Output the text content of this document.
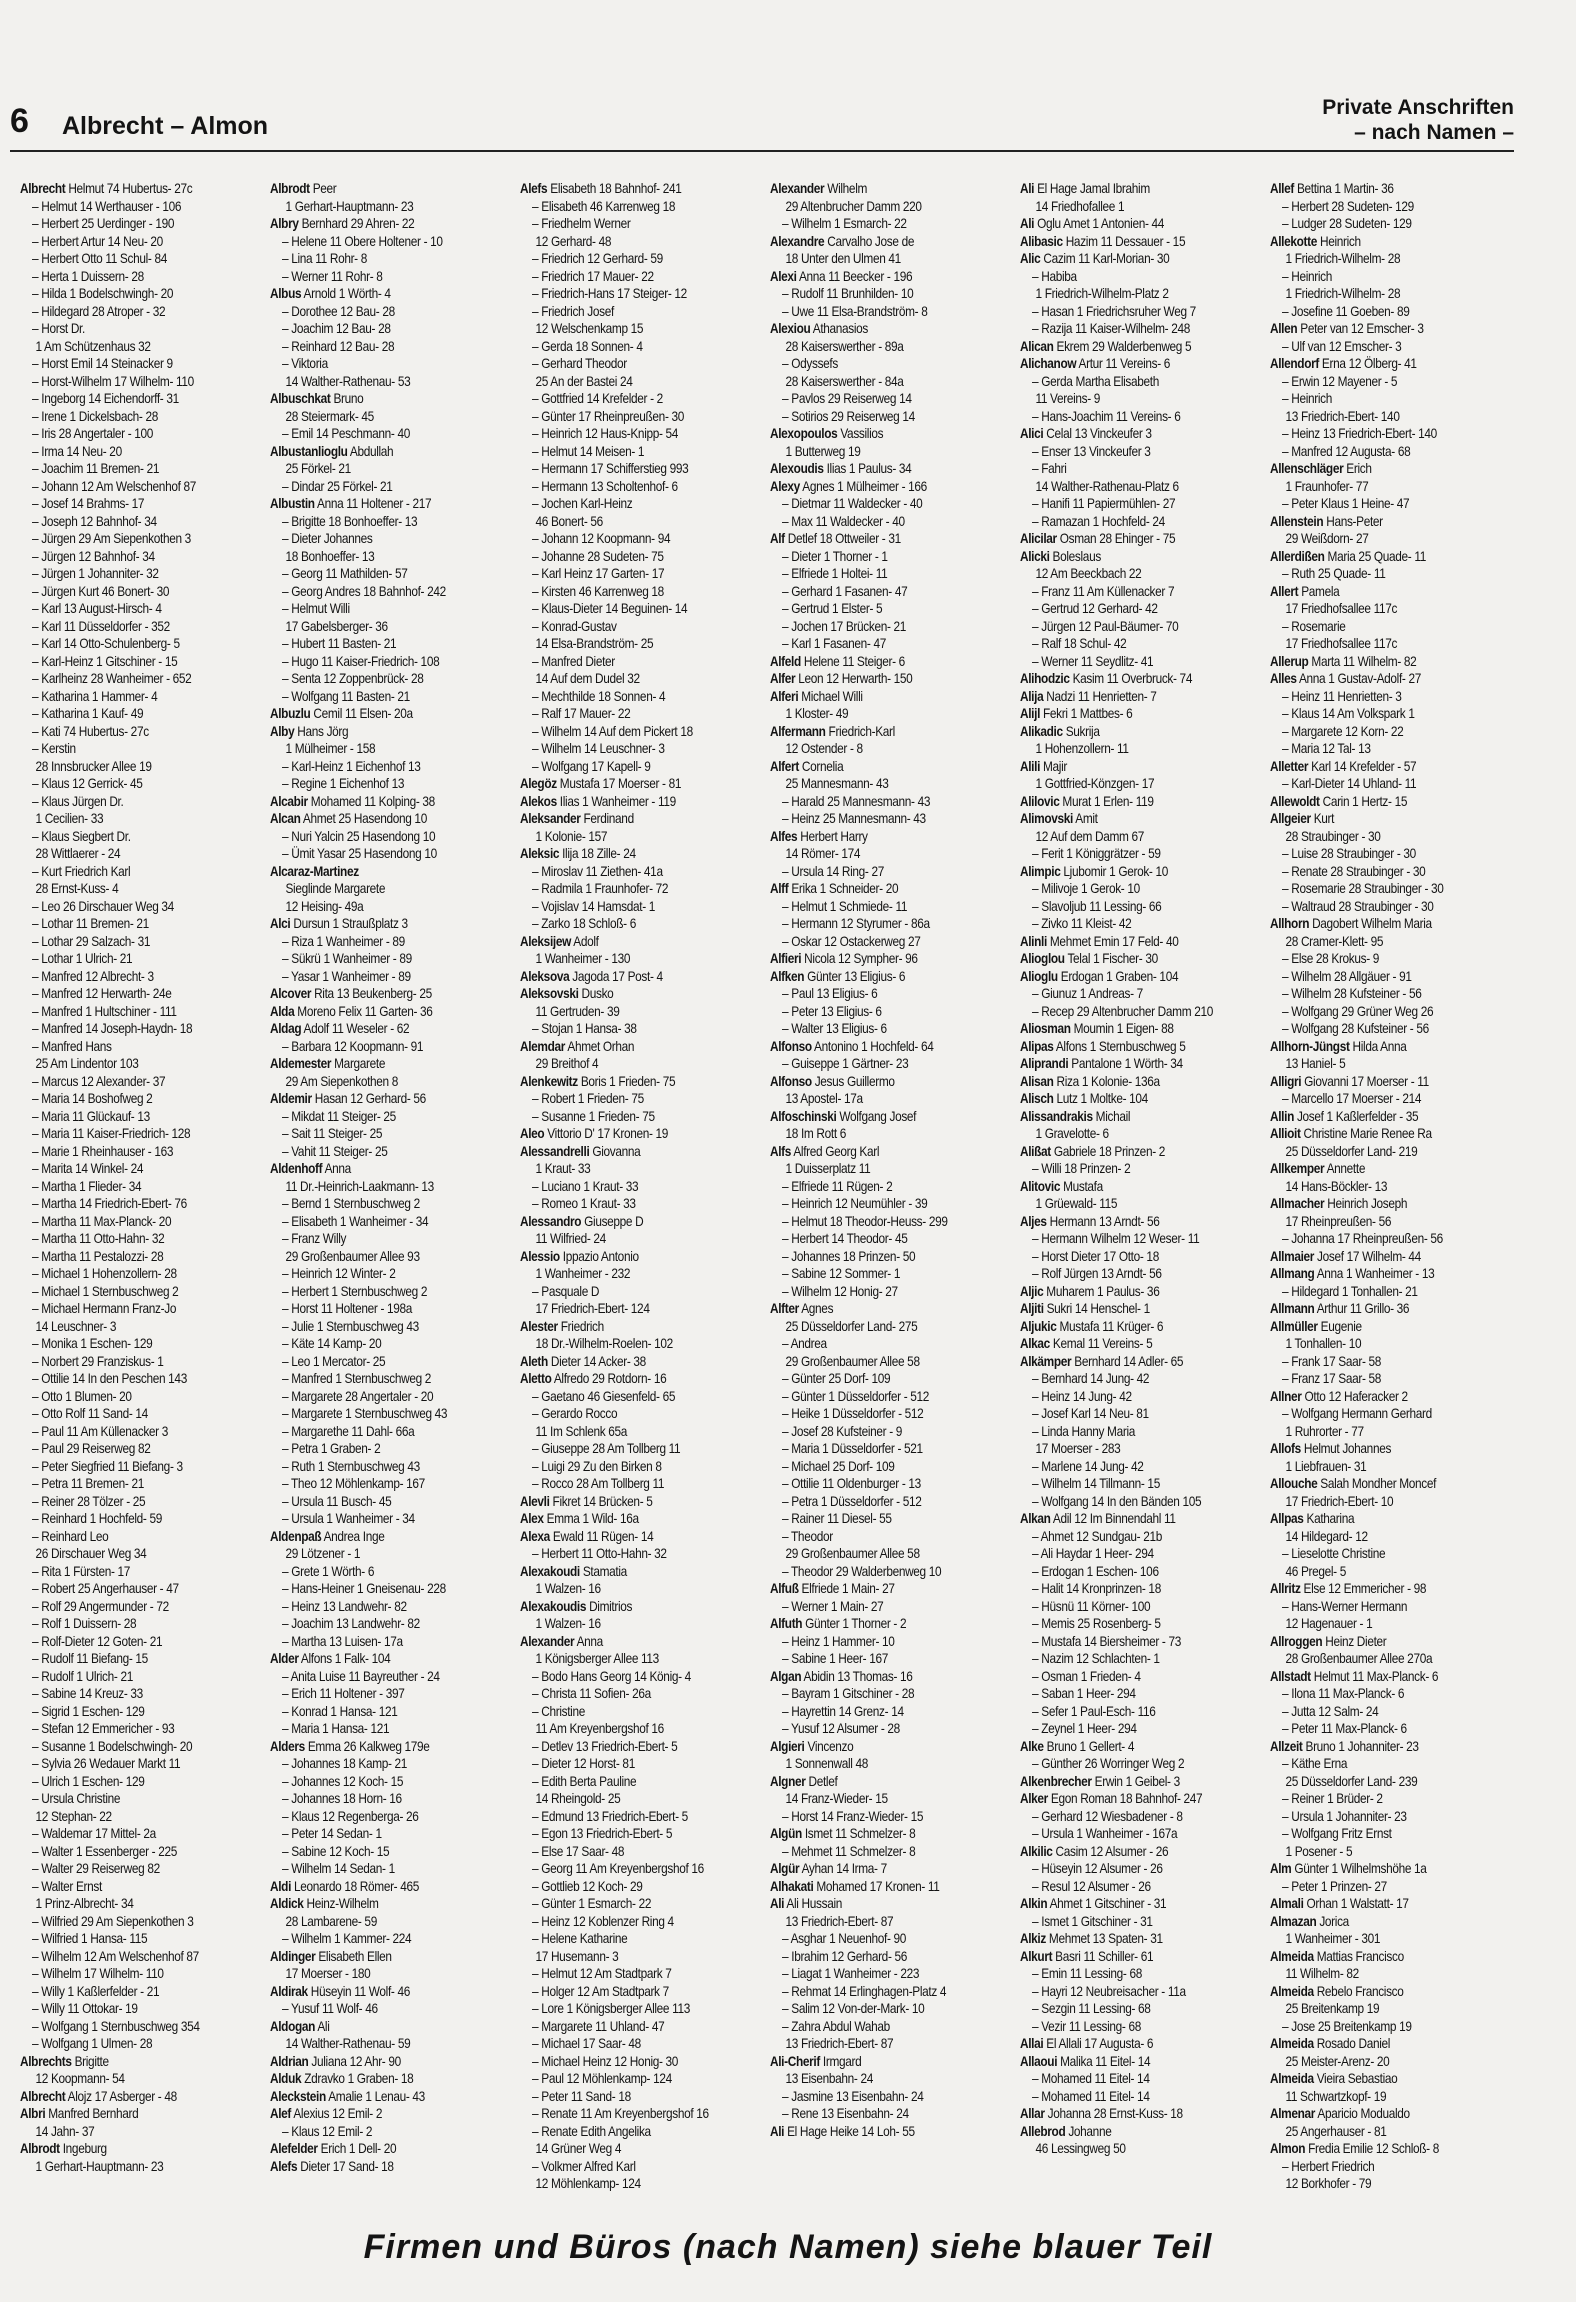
6 Albrecht – Almon
Private Anschriften
– nach Namen –
Albrecht Helmut 74 Hubertus- 27c
– Helmut 14 Werthauser - 106
– Herbert 25 Uerdinger - 190
– Herbert Artur 14 Neu- 20
– Herbert Otto 11 Schul- 84
– Herta 1 Duissern- 28
– Hilda 1 Bodelschwingh- 20
– Hildegard 28 Atroper - 32
– Horst Dr.
1 Am Schützenhaus 32
– Horst Emil 14 Steinacker 9
– Horst-Wilhelm 17 Wilhelm- 110
– Ingeborg 14 Eichendorff- 31
– Irene 1 Dickelsbach- 28
– Iris 28 Angertaler - 100
– Irma 14 Neu- 20
– Joachim 11 Bremen- 21
– Johann 12 Am Welschenhof 87
– Josef 14 Brahms- 17
– Joseph 12 Bahnhof- 34
– Jürgen 29 Am Siepenkothen 3
– Jürgen 12 Bahnhof- 34
– Jürgen 1 Johanniter- 32
– Jürgen Kurt 46 Bonert- 30
– Karl 13 August-Hirsch- 4
– Karl 11 Düsseldorfer - 352
– Karl 14 Otto-Schulenberg- 5
– Karl-Heinz 1 Gitschiner - 15
– Karlheinz 28 Wanheimer - 652
– Katharina 1 Hammer- 4
– Katharina 1 Kauf- 49
– Kati 74 Hubertus- 27c
– Kerstin
28 Innsbrucker Allee 19
– Klaus 12 Gerrick- 45
– Klaus Jürgen Dr.
1 Cecilien- 33
– Klaus Siegbert Dr.
28 Wittlaerer - 24
– Kurt Friedrich Karl
28 Ernst-Kuss- 4
– Leo 26 Dirschauer Weg 34
– Lothar 11 Bremen- 21
– Lothar 29 Salzach- 31
– Lothar 1 Ulrich- 21
– Manfred 12 Albrecht- 3
– Manfred 12 Herwarth- 24e
– Manfred 1 Hultschiner - 111
– Manfred 14 Joseph-Haydn- 18
– Manfred Hans
25 Am Lindentor 103
– Marcus 12 Alexander- 37
– Maria 14 Boshofweg 2
– Maria 11 Glückauf- 13
– Maria 11 Kaiser-Friedrich- 128
– Marie 1 Rheinhauser - 163
– Marita 14 Winkel- 24
– Martha 1 Flieder- 34
– Martha 14 Friedrich-Ebert- 76
– Martha 11 Max-Planck- 20
– Martha 11 Otto-Hahn- 32
– Martha 11 Pestalozzi- 28
– Michael 1 Hohenzollern- 28
– Michael 1 Sternbuschweg 2
– Michael Hermann Franz-Jo
14 Leuschner- 3
– Monika 1 Eschen- 129
– Norbert 29 Franziskus- 1
– Ottilie 14 In den Peschen 143
– Otto 1 Blumen- 20
– Otto Rolf 11 Sand- 14
– Paul 11 Am Küllenacker 3
– Paul 29 Reiserweg 82
– Peter Siegfried 11 Biefang- 3
– Petra 11 Bremen- 21
– Reiner 28 Tölzer - 25
– Reinhard 1 Hochfeld- 59
– Reinhard Leo
26 Dirschauer Weg 34
– Rita 1 Fürsten- 17
– Robert 25 Angerhauser - 47
– Rolf 29 Angermunder - 72
– Rolf 1 Duissern- 28
– Rolf-Dieter 12 Goten- 21
– Rudolf 11 Biefang- 15
– Rudolf 1 Ulrich- 21
– Sabine 14 Kreuz- 33
– Sigrid 1 Eschen- 129
– Stefan 12 Emmericher - 93
– Susanne 1 Bodelschwingh- 20
– Sylvia 26 Wedauer Markt 11
– Ulrich 1 Eschen- 129
– Ursula Christine
12 Stephan- 22
– Waldemar 17 Mittel- 2a
– Walter 1 Essenberger - 225
– Walter 29 Reiserweg 82
– Walter Ernst
1 Prinz-Albrecht- 34
– Wilfried 29 Am Siepenkothen 3
– Wilfried 1 Hansa- 115
– Wilhelm 12 Am Welschenhof 87
– Wilhelm 17 Wilhelm- 110
– Willy 1 Kaßlerfelder - 21
– Willy 11 Ottokar- 19
– Wolfgang 1 Sternbuschweg 354
– Wolfgang 1 Ulmen- 28
Albrechts Brigitte
12 Koopmann- 54
Albrecht Alojz 17 Asberger - 48
Albri Manfred Bernhard
14 Jahn- 37
Albrodt Ingeburg
1 Gerhart-Hauptmann- 23
Albrodt Peer
1 Gerhart-Hauptmann- 23
Albry Bernhard 29 Ahren- 22
– Helene 11 Obere Holtener - 10
– Lina 11 Rohr- 8
– Werner 11 Rohr- 8
Albus Arnold 1 Wörth- 4
– Dorothee 12 Bau- 28
– Joachim 12 Bau- 28
– Reinhard 12 Bau- 28
– Viktoria
14 Walther-Rathenau- 53
Albuschkat Bruno
28 Steiermark- 45
– Emil 14 Peschmann- 40
Albustanlioglu Abdullah
25 Förkel- 21
– Dindar 25 Förkel- 21
Albustin Anna 11 Holtener - 217
– Brigitte 18 Bonhoeffer- 13
– Dieter Johannes
18 Bonhoeffer- 13
– Georg 11 Mathilden- 57
– Georg Andres 18 Bahnhof- 242
– Helmut Willi
17 Gabelsberger- 36
– Hubert 11 Basten- 21
– Hugo 11 Kaiser-Friedrich- 108
– Senta 12 Zoppenbrück- 28
– Wolfgang 11 Basten- 21
Albuzlu Cemil 11 Elsen- 20a
Alby Hans Jörg
1 Mülheimer - 158
– Karl-Heinz 1 Eichenhof 13
– Regine 1 Eichenhof 13
Alcabir Mohamed 11 Kolping- 38
Alcan Ahmet 25 Hasendong 10
– Nuri Yalcin 25 Hasendong 10
– Ümit Yasar 25 Hasendong 10
Alcaraz-Martinez
Sieglinde Margarete
12 Heising- 49a
Alci Dursun 1 Straußplatz 3
– Riza 1 Wanheimer - 89
– Sükrü 1 Wanheimer - 89
– Yasar 1 Wanheimer - 89
Alcover Rita 13 Beukenberg- 25
Alda Moreno Felix 11 Garten- 36
Aldag Adolf 11 Weseler - 62
– Barbara 12 Koopmann- 91
Aldemester Margarete
29 Am Siepenkothen 8
Aldemir Hasan 12 Gerhard- 56
– Mikdat 11 Steiger- 25
– Sait 11 Steiger- 25
– Vahit 11 Steiger- 25
Aldenhoff Anna
11 Dr.-Heinrich-Laakmann- 13
– Bernd 1 Sternbuschweg 2
– Elisabeth 1 Wanheimer - 34
– Franz Willy
29 Großenbaumer Allee 93
– Heinrich 12 Winter- 2
– Herbert 1 Sternbuschweg 2
– Horst 11 Holtener - 198a
– Julie 1 Sternbuschweg 43
– Käte 14 Kamp- 20
– Leo 1 Mercator- 25
– Manfred 1 Sternbuschweg 2
– Margarete 28 Angertaler - 20
– Margarete 1 Sternbuschweg 43
– Margarethe 11 Dahl- 66a
– Petra 1 Graben- 2
– Ruth 1 Sternbuschweg 43
– Theo 12 Möhlenkamp- 167
– Ursula 11 Busch- 45
– Ursula 1 Wanheimer - 34
Aldenpaß Andrea Inge
29 Lötzener - 1
– Grete 1 Wörth- 6
– Hans-Heiner 1 Gneisenau- 228
– Heinz 13 Landwehr- 82
– Joachim 13 Landwehr- 82
– Martha 13 Luisen- 17a
Alder Alfons 1 Falk- 104
– Anita Luise 11 Bayreuther - 24
– Erich 11 Holtener - 397
– Konrad 1 Hansa- 121
– Maria 1 Hansa- 121
Alders Emma 26 Kalkweg 179e
– Johannes 18 Kamp- 21
– Johannes 12 Koch- 15
– Johannes 18 Horn- 16
– Klaus 12 Regenberga- 26
– Peter 14 Sedan- 1
– Sabine 12 Koch- 15
– Wilhelm 14 Sedan- 1
Aldi Leonardo 18 Römer- 465
Aldick Heinz-Wilhelm
28 Lambarene- 59
– Wilhelm 1 Kammer- 224
Aldinger Elisabeth Ellen
17 Moerser - 180
Aldirak Hüseyin 11 Wolf- 46
– Yusuf 11 Wolf- 46
Aldogan Ali
14 Walther-Rathenau- 59
Aldrian Juliana 12 Ahr- 90
Alduk Zdravko 1 Graben- 18
Aleckstein Amalie 1 Lenau- 43
Alef Alexius 12 Emil- 2
– Klaus 12 Emil- 2
Alefelder Erich 1 Dell- 20
Alefs Dieter 17 Sand- 18
Alefs Elisabeth 18 Bahnhof- 241
– Elisabeth 46 Karrenweg 18
– Friedhelm Werner
12 Gerhard- 48
– Friedrich 12 Gerhard- 59
– Friedrich 17 Mauer- 22
– Friedrich-Hans 17 Steiger- 12
– Friedrich Josef
12 Welschenkamp 15
– Gerda 18 Sonnen- 4
– Gerhard Theodor
25 An der Bastei 24
– Gottfried 14 Krefelder - 2
– Günter 17 Rheinpreußen- 30
– Heinrich 12 Haus-Knipp- 54
– Helmut 14 Meisen- 1
– Hermann 17 Schifferstieg 993
– Hermann 13 Scholtenhof- 6
– Jochen Karl-Heinz
46 Bonert- 56
– Johann 12 Koopmann- 94
– Johanne 28 Sudeten- 75
– Karl Heinz 17 Garten- 17
– Kirsten 46 Karrenweg 18
– Klaus-Dieter 14 Beguinen- 14
– Konrad-Gustav
14 Elsa-Brandström- 25
– Manfred Dieter
14 Auf dem Dudel 32
– Mechthilde 18 Sonnen- 4
– Ralf 17 Mauer- 22
– Wilhelm 14 Auf dem Pickert 18
– Wilhelm 14 Leuschner- 3
– Wolfgang 17 Kapell- 9
Alegöz Mustafa 17 Moerser - 81
Alekos Ilias 1 Wanheimer - 119
Aleksander Ferdinand
1 Kolonie- 157
Aleksic Ilija 18 Zille- 24
– Miroslav 11 Ziethen- 41a
– Radmila 1 Fraunhofer- 72
– Vojislav 14 Hamsdat- 1
– Zarko 18 Schloß- 6
Aleksijew Adolf
1 Wanheimer - 130
Aleksova Jagoda 17 Post- 4
Aleksovski Dusko
11 Gertruden- 39
– Stojan 1 Hansa- 38
Alemdar Ahmet Orhan
29 Breithof 4
Alenkewitz Boris 1 Frieden- 75
– Robert 1 Frieden- 75
– Susanne 1 Frieden- 75
Aleo Vittorio D' 17 Kronen- 19
Alessandrelli Giovanna
1 Kraut- 33
– Luciano 1 Kraut- 33
– Romeo 1 Kraut- 33
Alessandro Giuseppe D
11 Wilfried- 24
Alessio Ippazio Antonio
1 Wanheimer - 232
– Pasquale D
17 Friedrich-Ebert- 124
Alester Friedrich
18 Dr.-Wilhelm-Roelen- 102
Aleth Dieter 14 Acker- 38
Aletto Alfredo 29 Rotdorn- 16
– Gaetano 46 Giesenfeld- 65
– Gerardo Rocco
11 Im Schlenk 65a
– Giuseppe 28 Am Tollberg 11
– Luigi 29 Zu den Birken 8
– Rocco 28 Am Tollberg 11
Alevli Fikret 14 Brücken- 5
Alex Emma 1 Wild- 16a
Alexa Ewald 11 Rügen- 14
– Herbert 11 Otto-Hahn- 32
Alexakoudi Stamatia
1 Walzen- 16
Alexakoudis Dimitrios
1 Walzen- 16
Alexander Anna
1 Königsberger Allee 113
– Bodo Hans Georg 14 König- 4
– Christa 11 Sofien- 26a
– Christine
11 Am Kreyenbergshof 16
– Detlev 13 Friedrich-Ebert- 5
– Dieter 12 Horst- 81
– Edith Berta Pauline
14 Rheingold- 25
– Edmund 13 Friedrich-Ebert- 5
– Egon 13 Friedrich-Ebert- 5
– Else 17 Saar- 48
– Georg 11 Am Kreyenbergshof 16
– Gottlieb 12 Koch- 29
– Günter 1 Esmarch- 22
– Heinz 12 Koblenzer Ring 4
– Helene Katharine
17 Husemann- 3
– Helmut 12 Am Stadtpark 7
– Holger 12 Am Stadtpark 7
– Lore 1 Königsberger Allee 113
– Margarete 11 Uhland- 47
– Michael 17 Saar- 48
– Michael Heinz 12 Honig- 30
– Paul 12 Möhlenkamp- 124
– Peter 11 Sand- 18
– Renate 11 Am Kreyenbergshof 16
– Renate Edith Angelika
14 Grüner Weg 4
– Volkmer Alfred Karl
12 Möhlenkamp- 124
Alexander Wilhelm
29 Altenbrucher Damm 220
– Wilhelm 1 Esmarch- 22
Alexandre Carvalho Jose de
18 Unter den Ulmen 41
Alexi Anna 11 Beecker - 196
– Rudolf 11 Brunhilden- 10
– Uwe 11 Elsa-Brandström- 8
Alexiou Athanasios
28 Kaiserswerther - 89a
– Odyssefs
28 Kaiserswerther - 84a
– Pavlos 29 Reiserweg 14
– Sotirios 29 Reiserweg 14
Alexopoulos Vassilios
1 Butterweg 19
Alexoudis Ilias 1 Paulus- 34
Alexy Agnes 1 Mülheimer - 166
– Dietmar 11 Waldecker - 40
– Max 11 Waldecker - 40
Alf Detlef 18 Ottweiler - 31
– Dieter 1 Thorner - 1
– Elfriede 1 Holtei- 11
– Gerhard 1 Fasanen- 47
– Gertrud 1 Elster- 5
– Jochen 17 Brücken- 21
– Karl 1 Fasanen- 47
Alfeld Helene 11 Steiger- 6
Alfer Leon 12 Herwarth- 150
Alferi Michael Willi
1 Kloster- 49
Alfermann Friedrich-Karl
12 Ostender - 8
Alfert Cornelia
25 Mannesmann- 43
– Harald 25 Mannesmann- 43
– Heinz 25 Mannesmann- 43
Alfes Herbert Harry
14 Römer- 174
– Ursula 14 Ring- 27
Alff Erika 1 Schneider- 20
– Helmut 1 Schmiede- 11
– Hermann 12 Styrumer - 86a
– Oskar 12 Ostackerweg 27
Alfieri Nicola 12 Sympher- 96
Alfken Günter 13 Eligius- 6
– Paul 13 Eligius- 6
– Peter 13 Eligius- 6
– Walter 13 Eligius- 6
Alfonso Antonino 1 Hochfeld- 64
– Guiseppe 1 Gärtner- 23
Alfonso Jesus Guillermo
13 Apostel- 17a
Alfoschinski Wolfgang Josef
18 Im Rott 6
Alfs Alfred Georg Karl
1 Duisserplatz 11
– Elfriede 11 Rügen- 2
– Heinrich 12 Neumühler - 39
– Helmut 18 Theodor-Heuss- 299
– Herbert 14 Theodor- 45
– Johannes 18 Prinzen- 50
– Sabine 12 Sommer- 1
– Wilhelm 12 Honig- 27
Alfter Agnes
25 Düsseldorfer Land- 275
– Andrea
29 Großenbaumer Allee 58
– Günter 25 Dorf- 109
– Günter 1 Düsseldorfer - 512
– Heike 1 Düsseldorfer - 512
– Josef 28 Kufsteiner - 9
– Maria 1 Düsseldorfer - 521
– Michael 25 Dorf- 109
– Ottilie 11 Oldenburger - 13
– Petra 1 Düsseldorfer - 512
– Rainer 11 Diesel- 55
– Theodor
29 Großenbaumer Allee 58
– Theodor 29 Walderbenweg 10
Alfuß Elfriede 1 Main- 27
– Werner 1 Main- 27
Alfuth Günter 1 Thorner - 2
– Heinz 1 Hammer- 10
– Sabine 1 Heer- 167
Algan Abidin 13 Thomas- 16
– Bayram 1 Gitschiner - 28
– Hayrettin 14 Grenz- 14
– Yusuf 12 Alsumer - 28
Algieri Vincenzo
1 Sonnenwall 48
Algner Detlef
14 Franz-Wieder- 15
– Horst 14 Franz-Wieder- 15
Algün Ismet 11 Schmelzer- 8
– Mehmet 11 Schmelzer- 8
Algür Ayhan 14 Irma- 7
Alhakati Mohamed 17 Kronen- 11
Ali Ali Hussain
13 Friedrich-Ebert- 87
– Asghar 1 Neuenhof- 90
– Ibrahim 12 Gerhard- 56
– Liagat 1 Wanheimer - 223
– Rehmat 14 Erlinghagen-Platz 4
– Salim 12 Von-der-Mark- 10
– Zahra Abdul Wahab
13 Friedrich-Ebert- 87
Ali-Cherif Irmgard
13 Eisenbahn- 24
– Jasmine 13 Eisenbahn- 24
– Rene 13 Eisenbahn- 24
Ali El Hage Heike 14 Loh- 55
Ali El Hage Jamal Ibrahim
14 Friedhofallee 1
Ali Oglu Amet 1 Antonien- 44
Alibasic Hazim 11 Dessauer - 15
Alic Cazim 11 Karl-Morian- 30
– Habiba
1 Friedrich-Wilhelm-Platz 2
– Hasan 1 Friedrichsruher Weg 7
– Razija 11 Kaiser-Wilhelm- 248
Alican Ekrem 29 Walderbenweg 5
Alichanow Artur 11 Vereins- 6
– Gerda Martha Elisabeth
11 Vereins- 9
– Hans-Joachim 11 Vereins- 6
Alici Celal 13 Vinckeufer 3
– Enser 13 Vinckeufer 3
– Fahri
14 Walther-Rathenau-Platz 6
– Hanifi 11 Papiermühlen- 27
– Ramazan 1 Hochfeld- 24
Alicilar Osman 28 Ehinger - 75
Alicki Boleslaus
12 Am Beeckbach 22
– Franz 11 Am Küllenacker 7
– Gertrud 12 Gerhard- 42
– Jürgen 12 Paul-Bäumer- 70
– Ralf 18 Schul- 42
– Werner 11 Seydlitz- 41
Alihodzic Kasim 11 Overbruck- 74
Alija Nadzi 11 Henrietten- 7
Alijl Fekri 1 Mattbes- 6
Alikadic Sukrija
1 Hohenzollern- 11
Alili Majir
1 Gottfried-Könzgen- 17
Alilovic Murat 1 Erlen- 119
Alimovski Amit
12 Auf dem Damm 67
– Ferit 1 Königgrätzer - 59
Alimpic Ljubomir 1 Gerok- 10
– Milivoje 1 Gerok- 10
– Slavoljub 11 Lessing- 66
– Zivko 11 Kleist- 42
Alinli Mehmet Emin 17 Feld- 40
Alioglou Telal 1 Fischer- 30
Alioglu Erdogan 1 Graben- 104
– Giunuz 1 Andreas- 7
– Recep 29 Altenbrucher Damm 210
Aliosman Moumin 1 Eigen- 88
Alipas Alfons 1 Sternbuschweg 5
Aliprandi Pantalone 1 Wörth- 34
Alisan Riza 1 Kolonie- 136a
Alisch Lutz 1 Moltke- 104
Alissandrakis Michail
1 Gravelotte- 6
Alißat Gabriele 18 Prinzen- 2
– Willi 18 Prinzen- 2
Alitovic Mustafa
1 Grüewald- 115
Aljes Hermann 13 Arndt- 56
– Hermann Wilhelm 12 Weser- 11
– Horst Dieter 17 Otto- 18
– Rolf Jürgen 13 Arndt- 56
Aljic Muharem 1 Paulus- 36
Aljiti Sukri 14 Henschel- 1
Aljukic Mustafa 11 Krüger- 6
Alkac Kemal 11 Vereins- 5
Alkämper Bernhard 14 Adler- 65
– Bernhard 14 Jung- 42
– Heinz 14 Jung- 42
– Josef Karl 14 Neu- 81
– Linda Hanny Maria
17 Moerser - 283
– Marlene 14 Jung- 42
– Wilhelm 14 Tillmann- 15
– Wolfgang 14 In den Bänden 105
Alkan Adil 12 Im Binnendahl 11
– Ahmet 12 Sundgau- 21b
– Ali Haydar 1 Heer- 294
– Erdogan 1 Eschen- 106
– Halit 14 Kronprinzen- 18
– Hüsnü 11 Körner- 100
– Memis 25 Rosenberg- 5
– Mustafa 14 Biersheimer - 73
– Nazim 12 Schlachten- 1
– Osman 1 Frieden- 4
– Saban 1 Heer- 294
– Sefer 1 Paul-Esch- 116
– Zeynel 1 Heer- 294
Alke Bruno 1 Gellert- 4
– Günther 26 Worringer Weg 2
Alkenbrecher Erwin 1 Geibel- 3
Alker Egon Roman 18 Bahnhof- 247
– Gerhard 12 Wiesbadener - 8
– Ursula 1 Wanheimer - 167a
Alkilic Casim 12 Alsumer - 26
– Hüseyin 12 Alsumer - 26
– Resul 12 Alsumer - 26
Alkin Ahmet 1 Gitschiner - 31
– Ismet 1 Gitschiner - 31
Alkiz Mehmet 13 Spaten- 31
Alkurt Basri 11 Schiller- 61
– Emin 11 Lessing- 68
– Hayri 12 Neubreisacher - 11a
– Sezgin 11 Lessing- 68
– Vezir 11 Lessing- 68
Allai El Allali 17 Augusta- 6
Allaoui Malika 11 Eitel- 14
– Mohamed 11 Eitel- 14
– Mohamed 11 Eitel- 14
Allar Johanna 28 Ernst-Kuss- 18
Allebrod Johanne
46 Lessingweg 50
Allef Bettina 1 Martin- 36
– Herbert 28 Sudeten- 129
– Ludger 28 Sudeten- 129
Allekotte Heinrich
1 Friedrich-Wilhelm- 28
– Heinrich
1 Friedrich-Wilhelm- 28
– Josefine 11 Goeben- 89
Allen Peter van 12 Emscher- 3
– Ulf van 12 Emscher- 3
Allendorf Erna 12 Ölberg- 41
– Erwin 12 Mayener - 5
– Heinrich
13 Friedrich-Ebert- 140
– Heinz 13 Friedrich-Ebert- 140
– Manfred 12 Augusta- 68
Allenschläger Erich
1 Fraunhofer- 77
– Peter Klaus 1 Heine- 47
Allenstein Hans-Peter
29 Weißdorn- 27
Allerdißen Maria 25 Quade- 11
– Ruth 25 Quade- 11
Allert Pamela
17 Friedhofsallee 117c
– Rosemarie
17 Friedhofsallee 117c
Allerup Marta 11 Wilhelm- 82
Alles Anna 1 Gustav-Adolf- 27
– Heinz 11 Henrietten- 3
– Klaus 14 Am Volkspark 1
– Margarete 12 Korn- 22
– Maria 12 Tal- 13
Alletter Karl 14 Krefelder - 57
– Karl-Dieter 14 Uhland- 11
Allewoldt Carin 1 Hertz- 15
Allgeier Kurt
28 Straubinger - 30
– Luise 28 Straubinger - 30
– Renate 28 Straubinger - 30
– Rosemarie 28 Straubinger - 30
– Waltraud 28 Straubinger - 30
Allhorn Dagobert Wilhelm Maria
28 Cramer-Klett- 95
– Else 28 Krokus- 9
– Wilhelm 28 Allgäuer - 91
– Wilhelm 28 Kufsteiner - 56
– Wolfgang 29 Grüner Weg 26
– Wolfgang 28 Kufsteiner - 56
Allhorn-Jüngst Hilda Anna
13 Haniel- 5
Alligri Giovanni 17 Moerser - 11
– Marcello 17 Moerser - 214
Allin Josef 1 Kaßlerfelder - 35
Allioit Christine Marie Renee Ra
25 Düsseldorfer Land- 219
Allkemper Annette
14 Hans-Böckler- 13
Allmacher Heinrich Joseph
17 Rheinpreußen- 56
– Johanna 17 Rheinpreußen- 56
Allmaier Josef 17 Wilhelm- 44
Allmang Anna 1 Wanheimer - 13
– Hildegard 1 Tonhallen- 21
Allmann Arthur 11 Grillo- 36
Allmüller Eugenie
1 Tonhallen- 10
– Frank 17 Saar- 58
– Franz 17 Saar- 58
Allner Otto 12 Haferacker 2
– Wolfgang Hermann Gerhard
1 Ruhrorter - 77
Allofs Helmut Johannes
1 Liebfrauen- 31
Allouche Salah Mondher Moncef
17 Friedrich-Ebert- 10
Allpas Katharina
14 Hildegard- 12
– Lieselotte Christine
46 Pregel- 5
Allritz Else 12 Emmericher - 98
– Hans-Werner Hermann
12 Hagenauer - 1
Allroggen Heinz Dieter
28 Großenbaumer Allee 270a
Allstadt Helmut 11 Max-Planck- 6
– Ilona 11 Max-Planck- 6
– Jutta 12 Salm- 24
– Peter 11 Max-Planck- 6
Allzeit Bruno 1 Johanniter- 23
– Käthe Erna
25 Düsseldorfer Land- 239
– Reiner 1 Brüder- 2
– Ursula 1 Johanniter- 23
– Wolfgang Fritz Ernst
1 Posener - 5
Alm Günter 1 Wilhelmshöhe 1a
– Peter 1 Prinzen- 27
Almali Orhan 1 Walstatt- 17
Almazan Jorica
1 Wanheimer - 301
Almeida Mattias Francisco
11 Wilhelm- 82
Almeida Rebelo Francisco
25 Breitenkamp 19
– Jose 25 Breitenkamp 19
Almeida Rosado Daniel
25 Meister-Arenz- 20
Almeida Vieira Sebastiao
11 Schwartzkopf- 19
Almenar Aparicio Modualdo
25 Angerhauser - 81
Almon Fredia Emilie 12 Schloß- 8
– Herbert Friedrich
12 Borkhofer - 79
Firmen und Büros (nach Namen) siehe blauer Teil
